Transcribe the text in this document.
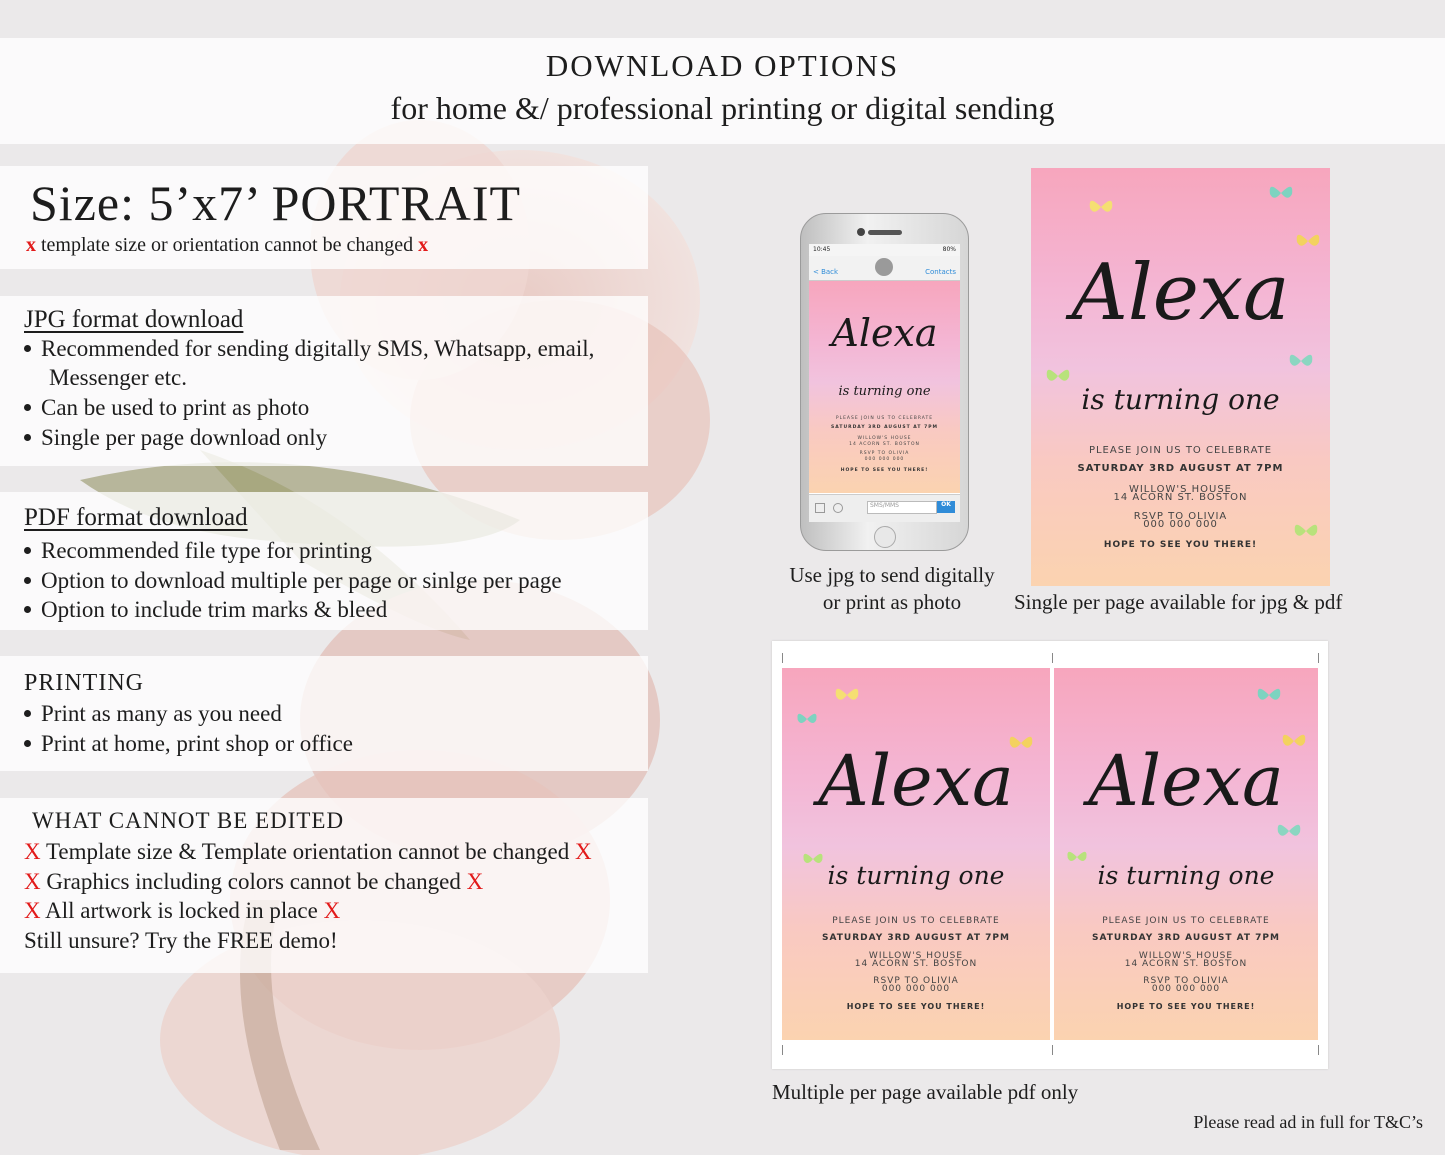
DOWNLOAD OPTIONS
for home &/ professional printing or digital sending
Size: 5’x7’ PORTRAIT
x template size or orientation cannot be changed x
JPG format download
Recommended for sending digitally SMS, Whatsapp, email,
Messenger etc.
Can be used to print as photo
Single per page download only
PDF format download
Recommended file type for printing
Option to download multiple per page or sinlge per page
Option to include trim marks & bleed
PRINTING
Print as many as you need
Print at home, print shop or office
WHAT CANNOT BE EDITED
X Template size & Template orientation cannot be changed X
X Graphics including colors cannot be changed X
X All artwork is locked in place X
Still unsure? Try the FREE demo!
10:45	80%
< Back	Contacts
Alexa
is turning one
PLEASE JOIN US TO CELEBRATE
SATURDAY 3RD AUGUST AT 7PM
WILLOW'S HOUSE
14 ACORN ST. BOSTON
RSVP TO OLIVIA
000 000 000
HOPE TO SEE YOU THERE!
SMS/MMS	OK
Use jpg to send digitally
or print as photo
Alexa
is turning one
PLEASE JOIN US TO CELEBRATE
SATURDAY 3RD AUGUST AT 7PM
WILLOW'S HOUSE
14 ACORN ST. BOSTON
RSVP TO OLIVIA
000 000 000
HOPE TO SEE YOU THERE!
Single per page available for jpg & pdf
Alexa
is turning one
PLEASE JOIN US TO CELEBRATE
SATURDAY 3RD AUGUST AT 7PM
WILLOW'S HOUSE
14 ACORN ST. BOSTON
RSVP TO OLIVIA
000 000 000
HOPE TO SEE YOU THERE!
Alexa
is turning one
PLEASE JOIN US TO CELEBRATE
SATURDAY 3RD AUGUST AT 7PM
WILLOW'S HOUSE
14 ACORN ST. BOSTON
RSVP TO OLIVIA
000 000 000
HOPE TO SEE YOU THERE!
Multiple per page available pdf only
Please read ad in full for T&C’s
